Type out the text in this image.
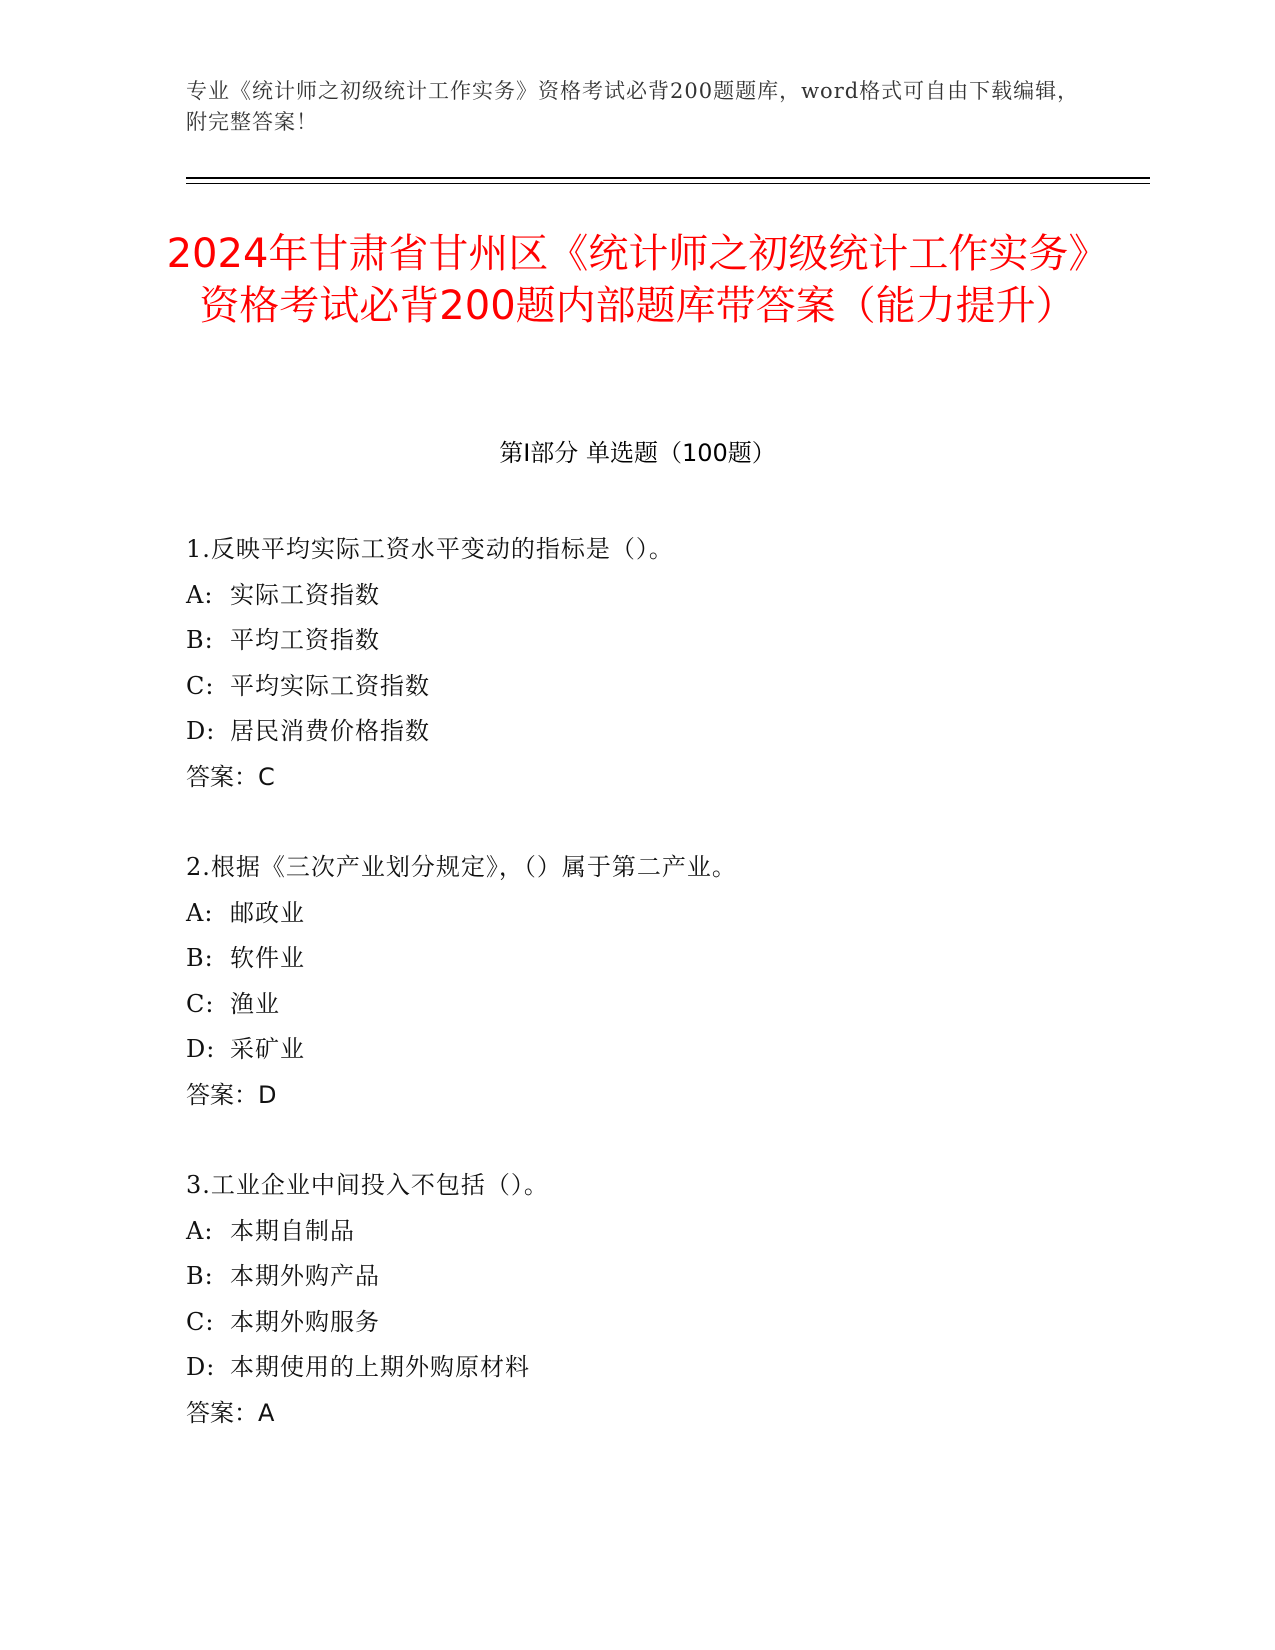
专业《统计师之初级统计工作实务》资格考试必背200题题库，word格式可自由下载编辑，附完整答案！
2024年甘肃省甘州区《统计师之初级统计工作实务》资格考试必背200题内部题库带答案（能力提升）
第Ⅰ部分 单选题（100题）
1.反映平均实际工资水平变动的指标是（）。
A: 实际工资指数
B: 平均工资指数
C: 平均实际工资指数
D: 居民消费价格指数
答案：C
2.根据《三次产业划分规定》，（）属于第二产业。
A: 邮政业
B: 软件业
C: 渔业
D: 采矿业
答案：D
3.工业企业中间投入不包括（）。
A: 本期自制品
B: 本期外购产品
C: 本期外购服务
D: 本期使用的上期外购原材料
答案：A
